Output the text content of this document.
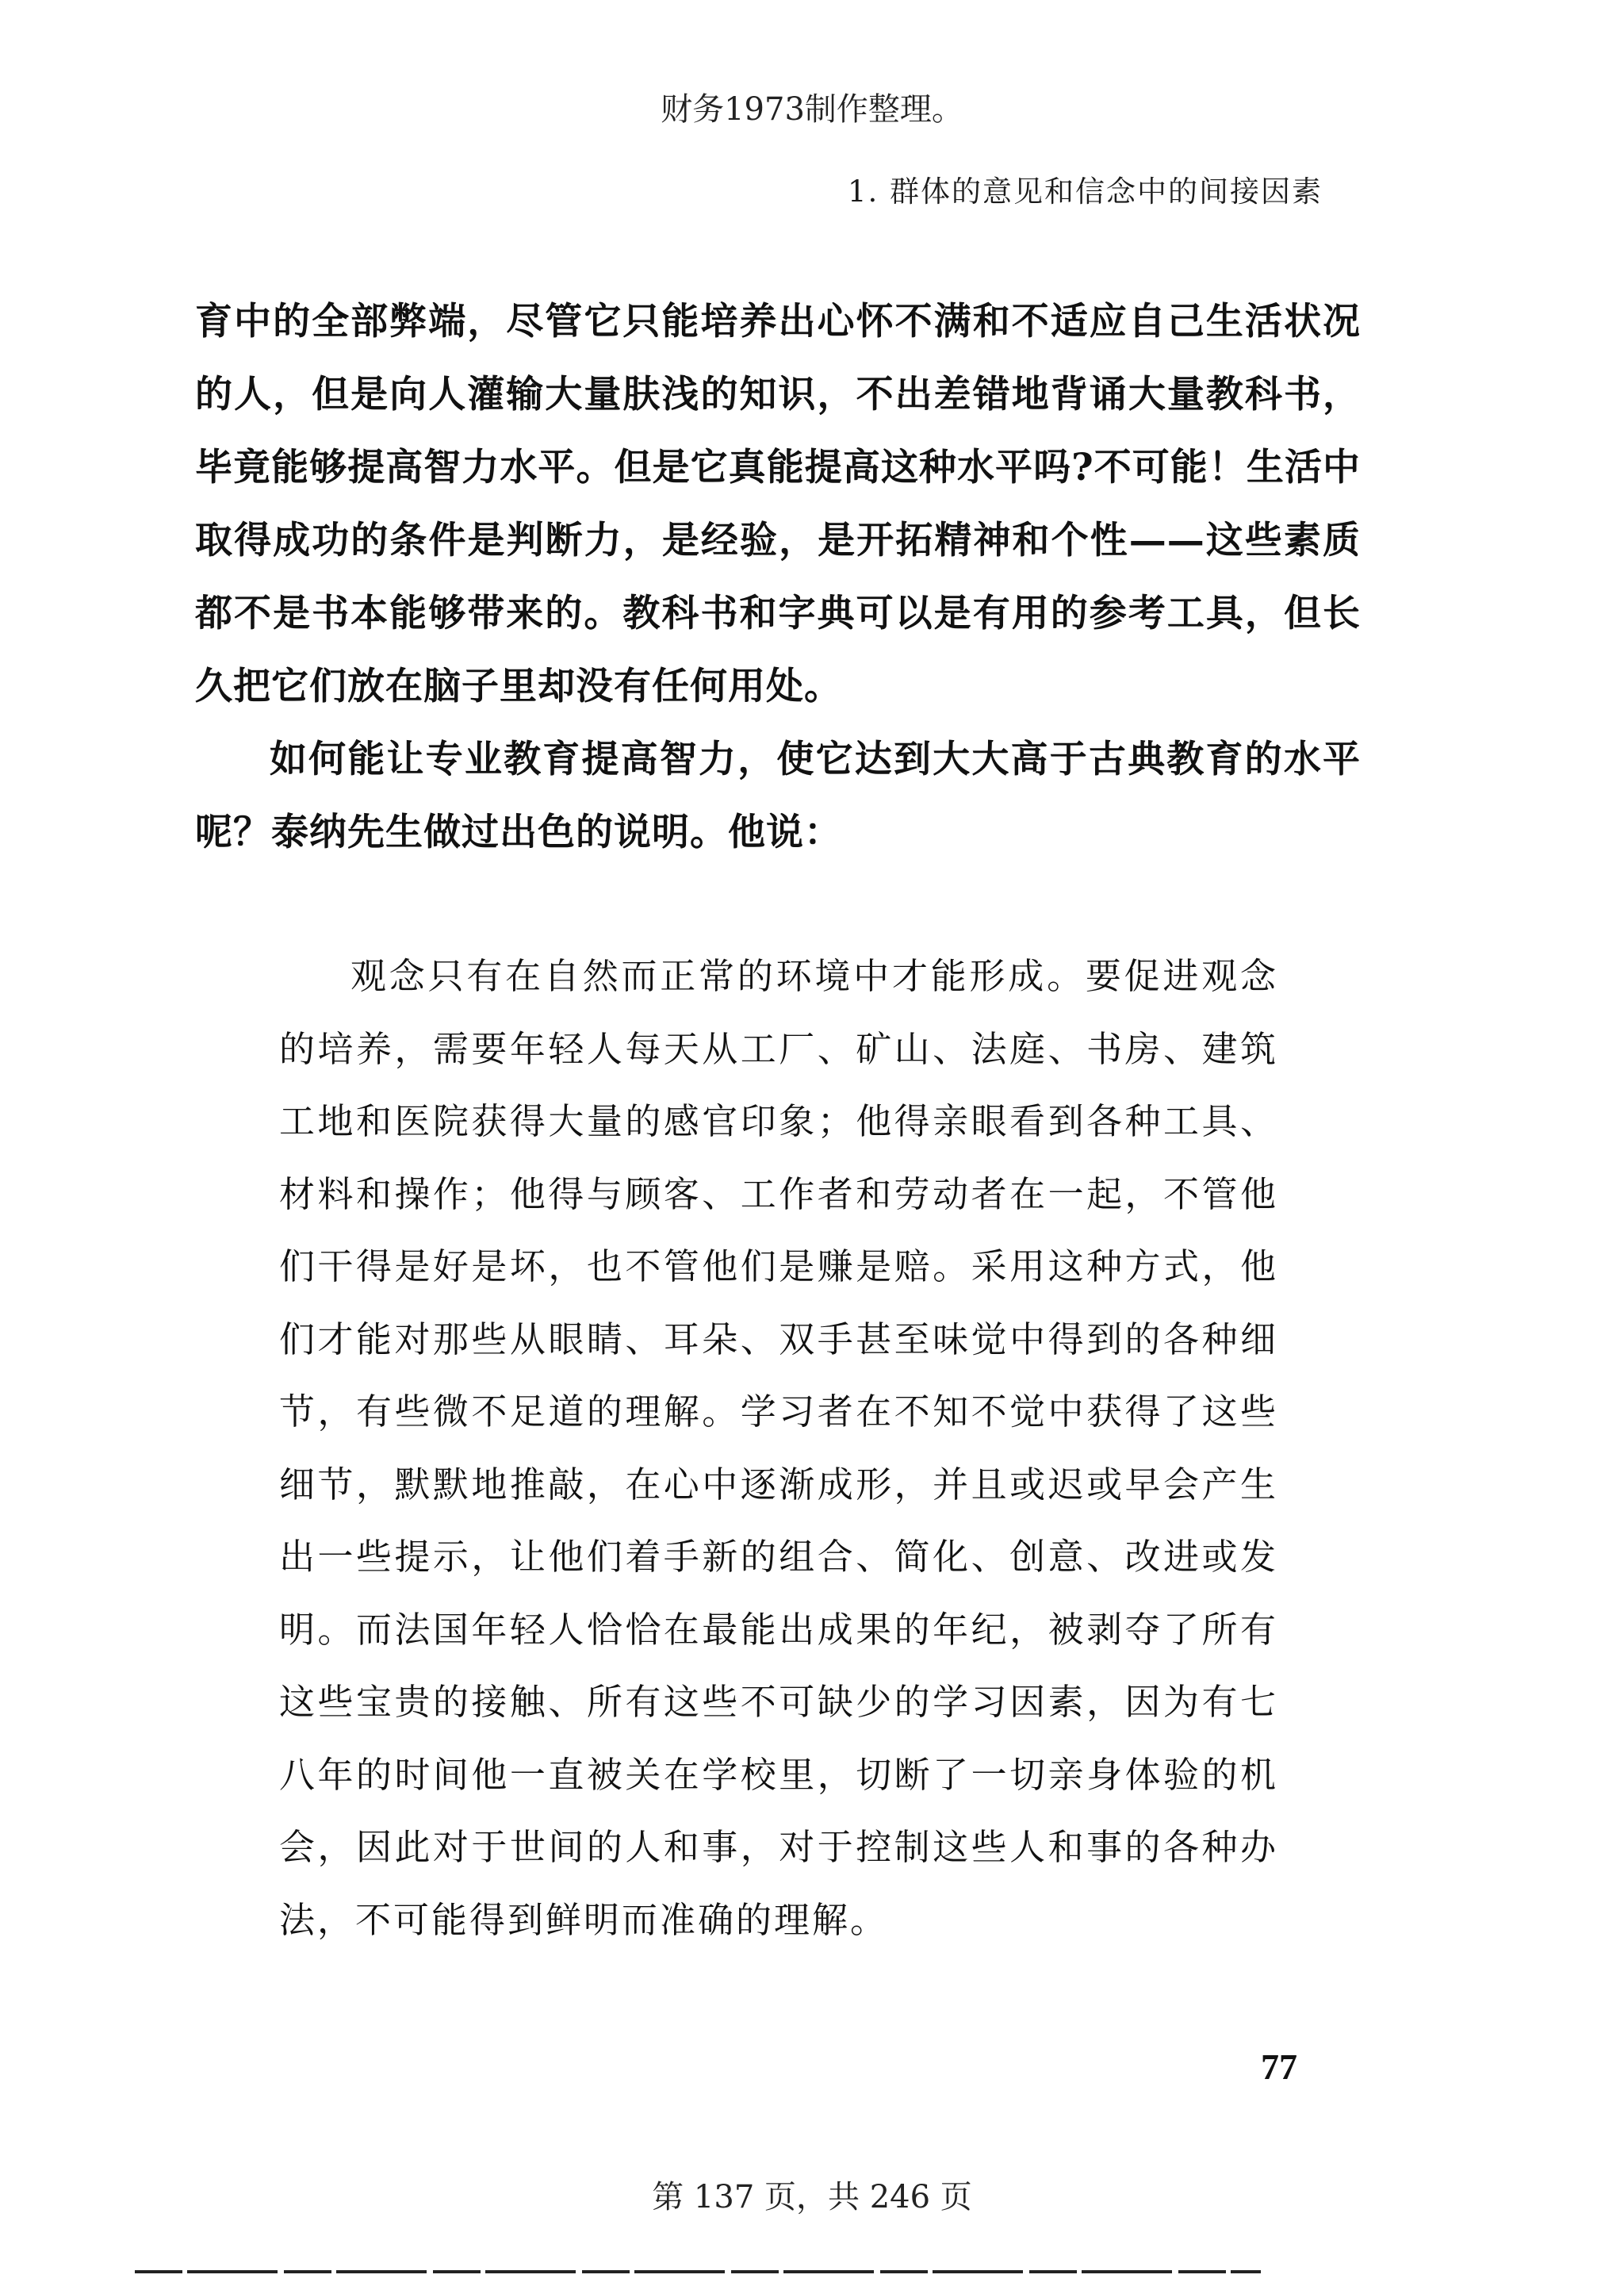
财务1973制作整理。
1. 群体的意见和信念中的间接因素

育中的全部弊端，尽管它只能培养出心怀不满和不适应自己生活状况的人，但是向人灌输大量肤浅的知识，不出差错地背诵大量教科书，毕竟能够提高智力水平。但是它真能提高这种水平吗?不可能！生活中取得成功的条件是判断力，是经验，是开拓精神和个性——这些素质都不是书本能够带来的。教科书和字典可以是有用的参考工具，但长久把它们放在脑子里却没有任何用处。

如何能让专业教育提高智力，使它达到大大高于古典教育的水平呢？泰纳先生做过出色的说明。他说：

观念只有在自然而正常的环境中才能形成。要促进观念的培养，需要年轻人每天从工厂、矿山、法庭、书房、建筑工地和医院获得大量的感官印象；他得亲眼看到各种工具、材料和操作；他得与顾客、工作者和劳动者在一起，不管他们干得是好是坏，也不管他们是赚是赔。采用这种方式，他们才能对那些从眼睛、耳朵、双手甚至味觉中得到的各种细节，有些微不足道的理解。学习者在不知不觉中获得了这些细节，默默地推敲，在心中逐渐成形，并且或迟或早会产生出一些提示，让他们着手新的组合、简化、创意、改进或发明。而法国年轻人恰恰在最能出成果的年纪，被剥夺了所有这些宝贵的接触、所有这些不可缺少的学习因素，因为有七八年的时间他一直被关在学校里，切断了一切亲身体验的机会，因此对于世间的人和事，对于控制这些人和事的各种办法，不可能得到鲜明而准确的理解。

77
第 137 页，共 246 页
